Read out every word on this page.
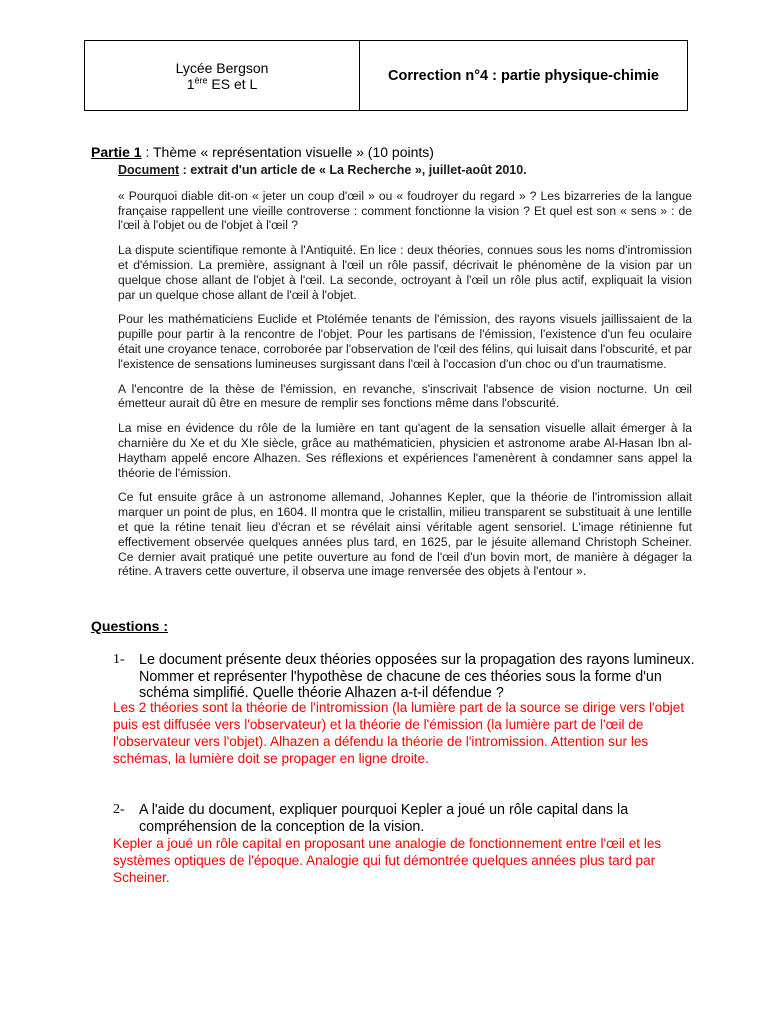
Lycée Bergson
1ère ES et L	Correction n°4 : partie physique-chimie
Partie 1 : Thème « représentation visuelle » (10 points)
Document : extrait d'un article de « La Recherche », juillet-août 2010.

« Pourquoi diable dit-on « jeter un coup d'œil » ou « foudroyer du regard » ? Les bizarreries de la langue française rappellent une vieille controverse : comment fonctionne la vision ? Et quel est son « sens » : de l'œil à l'objet ou de l'objet à l'œil ?

La dispute scientifique remonte à l'Antiquité. En lice : deux théories, connues sous les noms d'intromission et d'émission. La première, assignant à l'œil un rôle passif, décrivait le phénomène de la vision par un quelque chose allant de l'objet à l'œil. La seconde, octroyant à l'œil un rôle plus actif, expliquait la vision par un quelque chose allant de l'œil à l'objet.

Pour les mathématiciens Euclide et Ptolémée tenants de l'émission, des rayons visuels jaillissaient de la pupille pour partir à la rencontre de l'objet. Pour les partisans de l'émission, l'existence d'un feu oculaire était une croyance tenace, corroborée par l'observation de l'œil des félins, qui luisait dans l'obscurité, et par l'existence de sensations lumineuses surgissant dans l'œil à l'occasion d'un choc ou d'un traumatisme.

A l'encontre de la thèse de l'émission, en revanche, s'inscrivait l'absence de vision nocturne. Un œil émetteur aurait dû être en mesure de remplir ses fonctions même dans l'obscurité.

La mise en évidence du rôle de la lumière en tant qu'agent de la sensation visuelle allait émerger à la charnière du Xe et du XIe siècle, grâce au mathématicien, physicien et astronome arabe Al-Hasan Ibn al-Haytham appelé encore Alhazen. Ses réflexions et expériences l'amenèrent à condamner sans appel la théorie de l'émission.

Ce fut ensuite grâce à un astronome allemand, Johannes Kepler, que la théorie de l'intromission allait marquer un point de plus, en 1604. Il montra que le cristallin, milieu transparent se substituait à une lentille et que la rétine tenait lieu d'écran et se révélait ainsi véritable agent sensoriel. L'image rétinienne fut effectivement observée quelques années plus tard, en 1625, par le jésuite allemand Christoph Scheiner. Ce dernier avait pratiqué une petite ouverture au fond de l'œil d'un bovin mort, de manière à dégager la rétine. A travers cette ouverture, il observa une image renversée des objets à l'entour ».

Questions :
1- Le document présente deux théories opposées sur la propagation des rayons lumineux. Nommer et représenter l'hypothèse de chacune de ces théories sous la forme d'un schéma simplifié. Quelle théorie Alhazen a-t-il défendue ?
Les 2 théories sont la théorie de l'intromission (la lumière part de la source se dirige vers l'objet puis est diffusée vers l'observateur) et la théorie de l'émission (la lumière part de l'œil de l'observateur vers l'objet). Alhazen a défendu la théorie de l'intromission. Attention sur les schémas, la lumière doit se propager en ligne droite.
2- A l'aide du document, expliquer pourquoi Kepler a joué un rôle capital dans la compréhension de la conception de la vision.
Kepler a joué un rôle capital en proposant une analogie de fonctionnement entre l'œil et les systèmes optiques de l'époque. Analogie qui fut démontrée quelques années plus tard par Scheiner.
